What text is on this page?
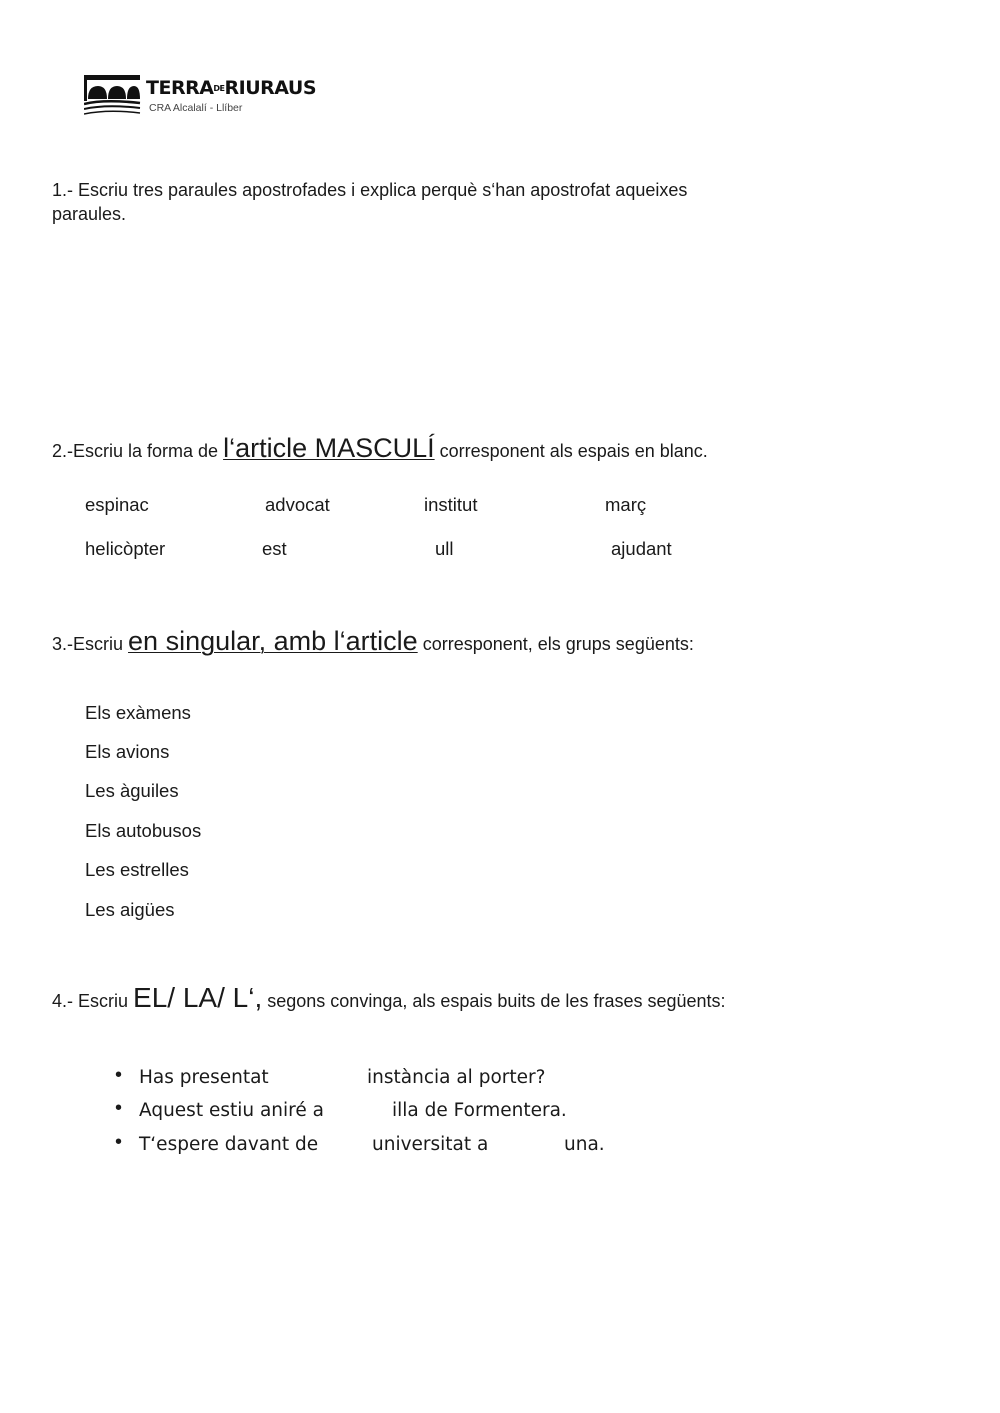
TERRADERIURAUS
CRA Alcalalí - Llíber
1.- Escriu tres paraules apostrofades i explica perquè s‘han apostrofat aqueixes
paraules.
2.-Escriu la forma de l‘article MASCULÍ corresponent als espais en blanc.
espinac	advocat	institut	març
helicòpter	est	ull	ajudant
3.-Escriu en singular, amb l‘article corresponent, els grups següents:
Els exàmens
Els avions
Les àguiles
Els autobusos
Les estrelles
Les aigües
4.- Escriu EL/ LA/ L‘, segons convinga, als espais buits de les frases següents:
• Has presentat	instància al porter?
• Aquest estiu aniré a	illa de Formentera.
• T‘espere davant de	universitat a	una.
